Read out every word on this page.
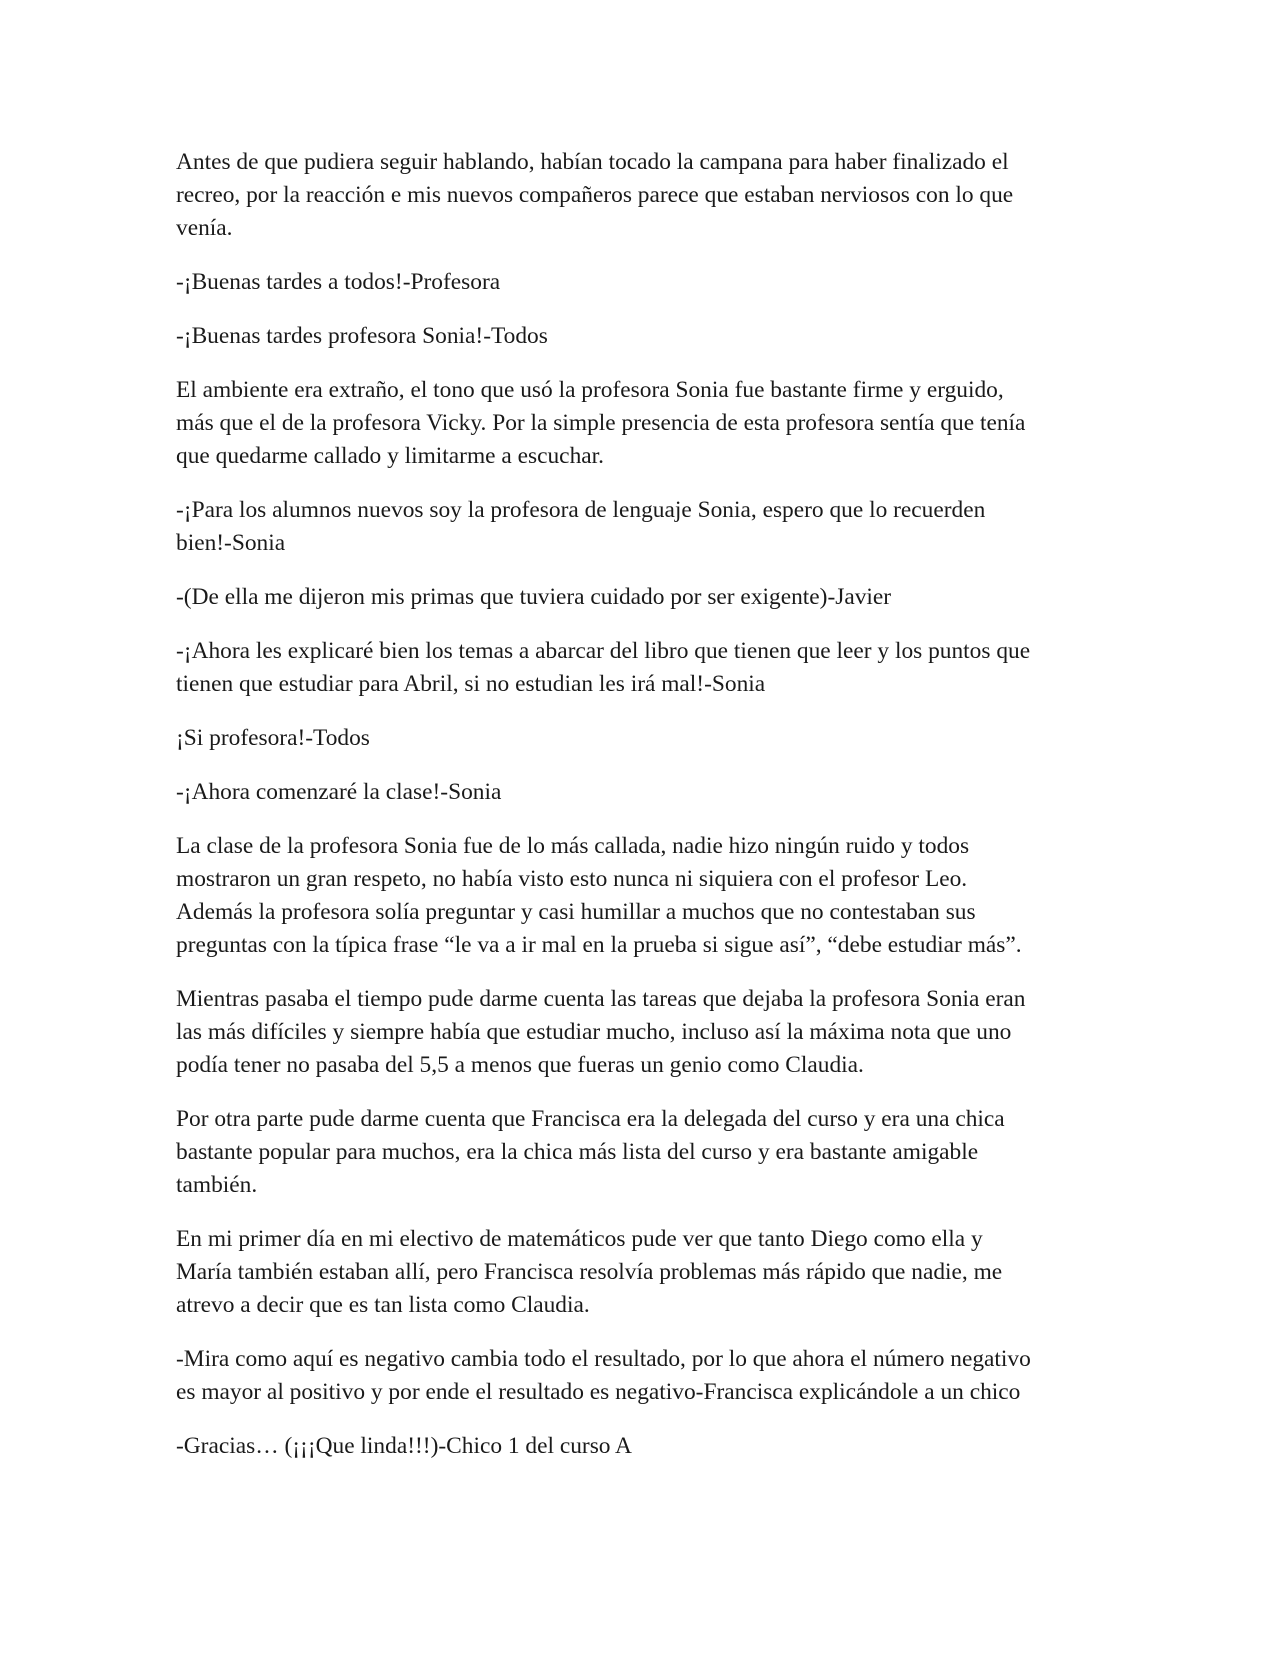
Antes de que pudiera seguir hablando, habían tocado la campana para haber finalizado el
recreo, por la reacción e mis nuevos compañeros parece que estaban nerviosos con lo que
venía.

-¡Buenas tardes a todos!-Profesora

-¡Buenas tardes profesora Sonia!-Todos

El ambiente era extraño, el tono que usó la profesora Sonia fue bastante firme y erguido,
más que el de la profesora Vicky. Por la simple presencia de esta profesora sentía que tenía
que quedarme callado y limitarme a escuchar.

-¡Para los alumnos nuevos soy la profesora de lenguaje Sonia, espero que lo recuerden
bien!-Sonia

-(De ella me dijeron mis primas que tuviera cuidado por ser exigente)-Javier

-¡Ahora les explicaré bien los temas a abarcar del libro que tienen que leer y los puntos que
tienen que estudiar para Abril, si no estudian les irá mal!-Sonia

¡Si profesora!-Todos

-¡Ahora comenzaré la clase!-Sonia

La clase de la profesora Sonia fue de lo más callada, nadie hizo ningún ruido y todos
mostraron un gran respeto, no había visto esto nunca ni siquiera con el profesor Leo.
Además la profesora solía preguntar y casi humillar a muchos que no contestaban sus
preguntas con la típica frase “le va a ir mal en la prueba si sigue así”, “debe estudiar más”.

Mientras pasaba el tiempo pude darme cuenta las tareas que dejaba la profesora Sonia eran
las más difíciles y siempre había que estudiar mucho, incluso así la máxima nota que uno
podía tener no pasaba del 5,5 a menos que fueras un genio como Claudia.

Por otra parte pude darme cuenta que Francisca era la delegada del curso y era una chica
bastante popular para muchos, era la chica más lista del curso y era bastante amigable
también.

En mi primer día en mi electivo de matemáticos pude ver que tanto Diego como ella y
María también estaban allí, pero Francisca resolvía problemas más rápido que nadie, me
atrevo a decir que es tan lista como Claudia.

-Mira como aquí es negativo cambia todo el resultado, por lo que ahora el número negativo
es mayor al positivo y por ende el resultado es negativo-Francisca explicándole a un chico

-Gracias… (¡¡¡Que linda!!!)-Chico 1 del curso A
